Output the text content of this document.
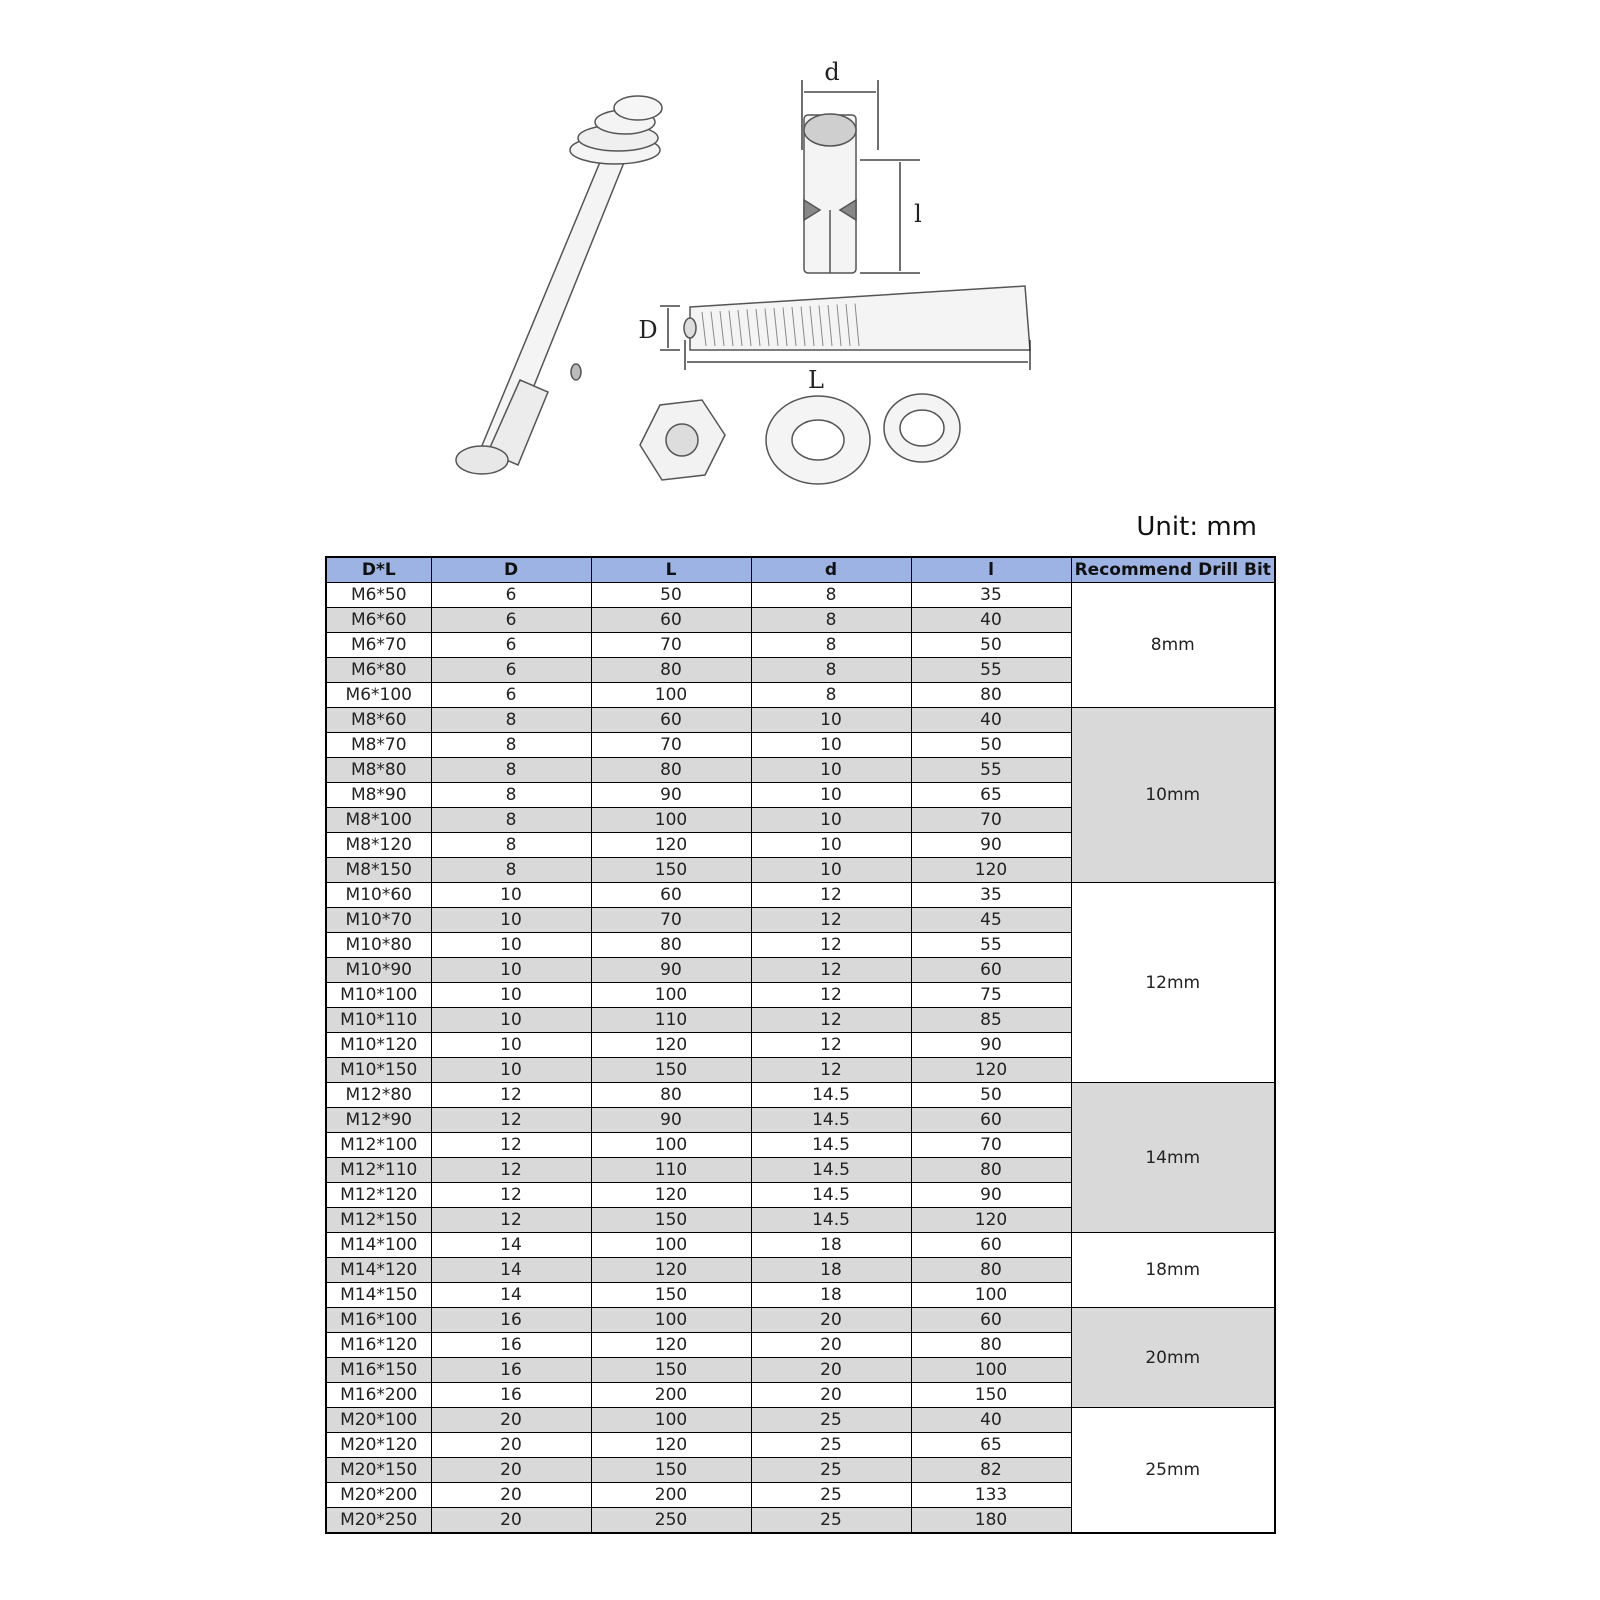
d
l
D
L
Unit: mm
D*L	D	L	d	l	Recommend Drill Bit
M6*50	6	50	8	35	8mm
M6*60	6	60	8	40	
M6*70	6	70	8	50	
M6*80	6	80	8	55	
M6*100	6	100	8	80	
M8*60	8	60	10	40	10mm
M8*70	8	70	10	50	
M8*80	8	80	10	55	
M8*90	8	90	10	65	
M8*100	8	100	10	70	
M8*120	8	120	10	90	
M8*150	8	150	10	120	
M10*60	10	60	12	35	12mm
M10*70	10	70	12	45	
M10*80	10	80	12	55	
M10*90	10	90	12	60	
M10*100	10	100	12	75	
M10*110	10	110	12	85	
M10*120	10	120	12	90	
M10*150	10	150	12	120	
M12*80	12	80	14.5	50	14mm
M12*90	12	90	14.5	60	
M12*100	12	100	14.5	70	
M12*110	12	110	14.5	80	
M12*120	12	120	14.5	90	
M12*150	12	150	14.5	120	
M14*100	14	100	18	60	18mm
M14*120	14	120	18	80	
M14*150	14	150	18	100	
M16*100	16	100	20	60	20mm
M16*120	16	120	20	80	
M16*150	16	150	20	100	
M16*200	16	200	20	150	
M20*100	20	100	25	40	25mm
M20*120	20	120	25	65	
M20*150	20	150	25	82	
M20*200	20	200	25	133	
M20*250	20	250	25	180	
